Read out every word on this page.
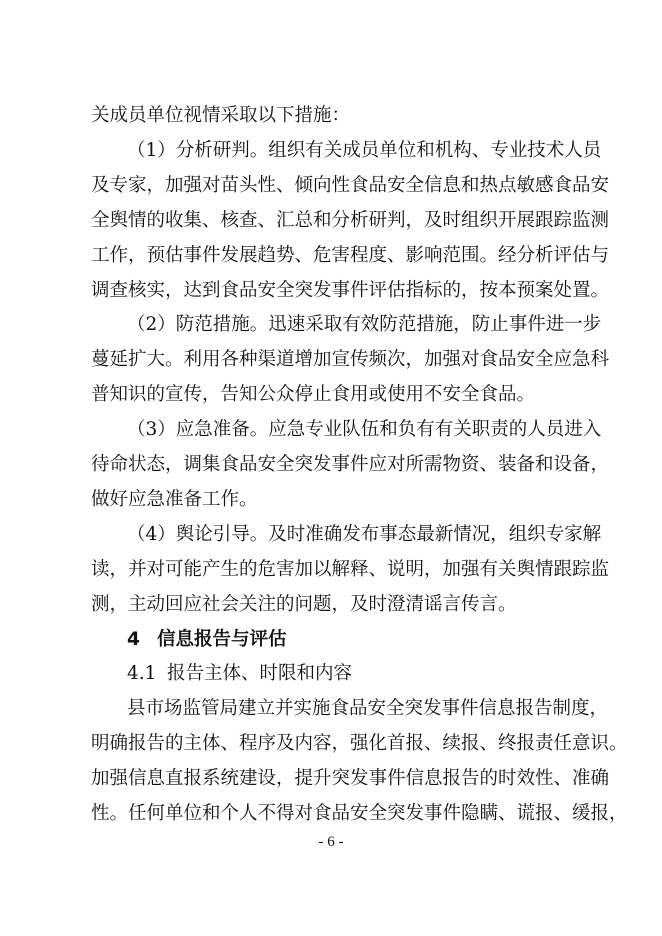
关成员单位视情采取以下措施：
（1）分析研判。组织有关成员单位和机构、专业技术人员
及专家，加强对苗头性、倾向性食品安全信息和热点敏感食品安
全舆情的收集、核查、汇总和分析研判，及时组织开展跟踪监测
工作，预估事件发展趋势、危害程度、影响范围。经分析评估与
调查核实，达到食品安全突发事件评估指标的，按本预案处置。
（2）防范措施。迅速采取有效防范措施，防止事件进一步
蔓延扩大。利用各种渠道增加宣传频次，加强对食品安全应急科
普知识的宣传，告知公众停止食用或使用不安全食品。
（3）应急准备。应急专业队伍和负有有关职责的人员进入
待命状态，调集食品安全突发事件应对所需物资、装备和设备，
做好应急准备工作。
（4）舆论引导。及时准确发布事态最新情况，组织专家解
读，并对可能产生的危害加以解释、说明，加强有关舆情跟踪监
测，主动回应社会关注的问题，及时澄清谣言传言。
4 信息报告与评估
4.1 报告主体、时限和内容
县市场监管局建立并实施食品安全突发事件信息报告制度，
明确报告的主体、程序及内容，强化首报、续报、终报责任意识。
加强信息直报系统建设，提升突发事件信息报告的时效性、准确
性。任何单位和个人不得对食品安全突发事件隐瞒、谎报、缓报，
- 6 -
